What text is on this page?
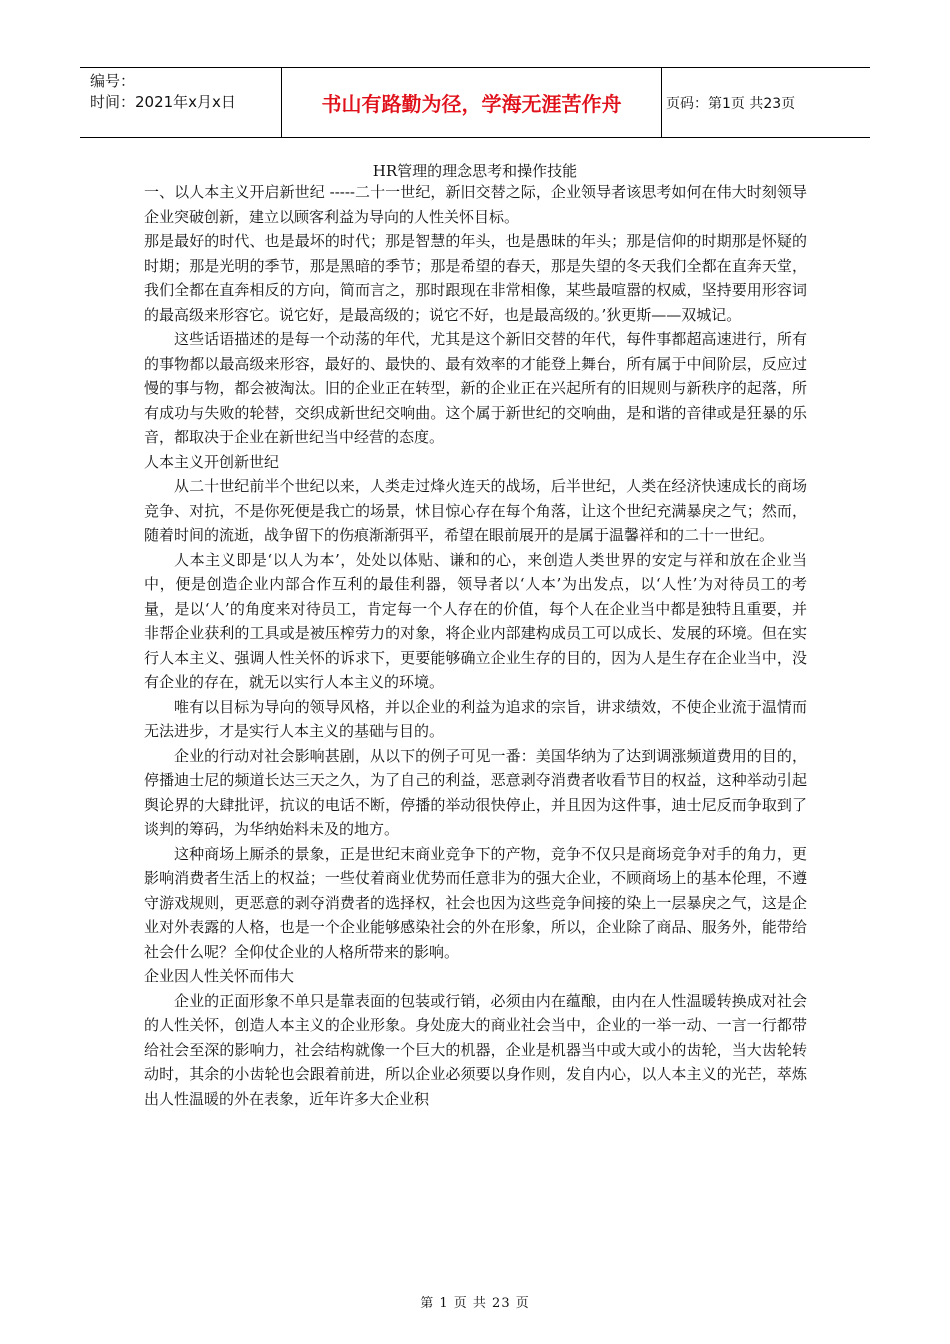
编号：
时间：2021年x月x日	书山有路勤为径，学海无涯苦作舟	页码：第1页 共23页
HR管理的理念思考和操作技能

一、以人本主义开启新世纪 -----二十一世纪，新旧交替之际，企业领导者该思考如何在伟大时刻领导企业突破创新，建立以顾客利益为导向的人性关怀目标。

那是最好的时代、也是最坏的时代；那是智慧的年头，也是愚昧的年头；那是信仰的时期那是怀疑的时期；那是光明的季节，那是黑暗的季节；那是希望的春天，那是失望的冬天我们全都在直奔天堂，我们全都在直奔相反的方向，简而言之，那时跟现在非常相像，某些最喧嚣的权威，坚持要用形容词的最高级来形容它。说它好，是最高级的；说它不好，也是最高级的。’狄更斯——双城记。

这些话语描述的是每一个动荡的年代，尤其是这个新旧交替的年代，每件事都超高速进行，所有的事物都以最高级来形容，最好的、最快的、最有效率的才能登上舞台，所有属于中间阶层，反应过慢的事与物，都会被淘汰。旧的企业正在转型，新的企业正在兴起所有的旧规则与新秩序的起落，所有成功与失败的轮替，交织成新世纪交响曲。这个属于新世纪的交响曲，是和谐的音律或是狂暴的乐音，都取决于企业在新世纪当中经营的态度。

人本主义开创新世纪

从二十世纪前半个世纪以来，人类走过烽火连天的战场，后半世纪，人类在经济快速成长的商场竞争、对抗，不是你死便是我亡的场景，怵目惊心存在每个角落，让这个世纪充满暴戾之气；然而，随着时间的流逝，战争留下的伤痕渐渐弭平，希望在眼前展开的是属于温馨祥和的二十一世纪。

人本主义即是‘以人为本’，处处以体贴、谦和的心，来创造人类世界的安定与祥和放在企业当中，便是创造企业内部合作互利的最佳利器，领导者以‘人本’为出发点，以‘人性’为对待员工的考量，是以‘人’的角度来对待员工，肯定每一个人存在的价值，每个人在企业当中都是独特且重要，并非帮企业获利的工具或是被压榨劳力的对象，将企业内部建构成员工可以成长、发展的环境。但在实行人本主义、强调人性关怀的诉求下，更要能够确立企业生存的目的，因为人是生存在企业当中，没有企业的存在，就无以实行人本主义的环境。

唯有以目标为导向的领导风格，并以企业的利益为追求的宗旨，讲求绩效，不使企业流于温情而无法进步，才是实行人本主义的基础与目的。

企业的行动对社会影响甚剧，从以下的例子可见一番：美国华纳为了达到调涨频道费用的目的，停播迪士尼的频道长达三天之久，为了自己的利益，恶意剥夺消费者收看节目的权益，这种举动引起舆论界的大肆批评，抗议的电话不断，停播的举动很快停止，并且因为这件事，迪士尼反而争取到了谈判的筹码，为华纳始料未及的地方。

这种商场上厮杀的景象，正是世纪末商业竞争下的产物，竞争不仅只是商场竞争对手的角力，更影响消费者生活上的权益；一些仗着商业优势而任意非为的强大企业，不顾商场上的基本伦理，不遵守游戏规则，更恶意的剥夺消费者的选择权，社会也因为这些竞争间接的染上一层暴戾之气，这是企业对外表露的人格，也是一个企业能够感染社会的外在形象，所以，企业除了商品、服务外，能带给社会什么呢？全仰仗企业的人格所带来的影响。

企业因人性关怀而伟大

企业的正面形象不单只是靠表面的包装或行销，必须由内在蕴酿，由内在人性温暖转换成对社会的人性关怀，创造人本主义的企业形象。身处庞大的商业社会当中，企业的一举一动、一言一行都带给社会至深的影响力，社会结构就像一个巨大的机器，企业是机器当中或大或小的齿轮，当大齿轮转动时，其余的小齿轮也会跟着前进，所以企业必须要以身作则，发自内心，以人本主义的光芒，萃炼出人性温暖的外在表象，近年许多大企业积

第 1 页 共 23 页
